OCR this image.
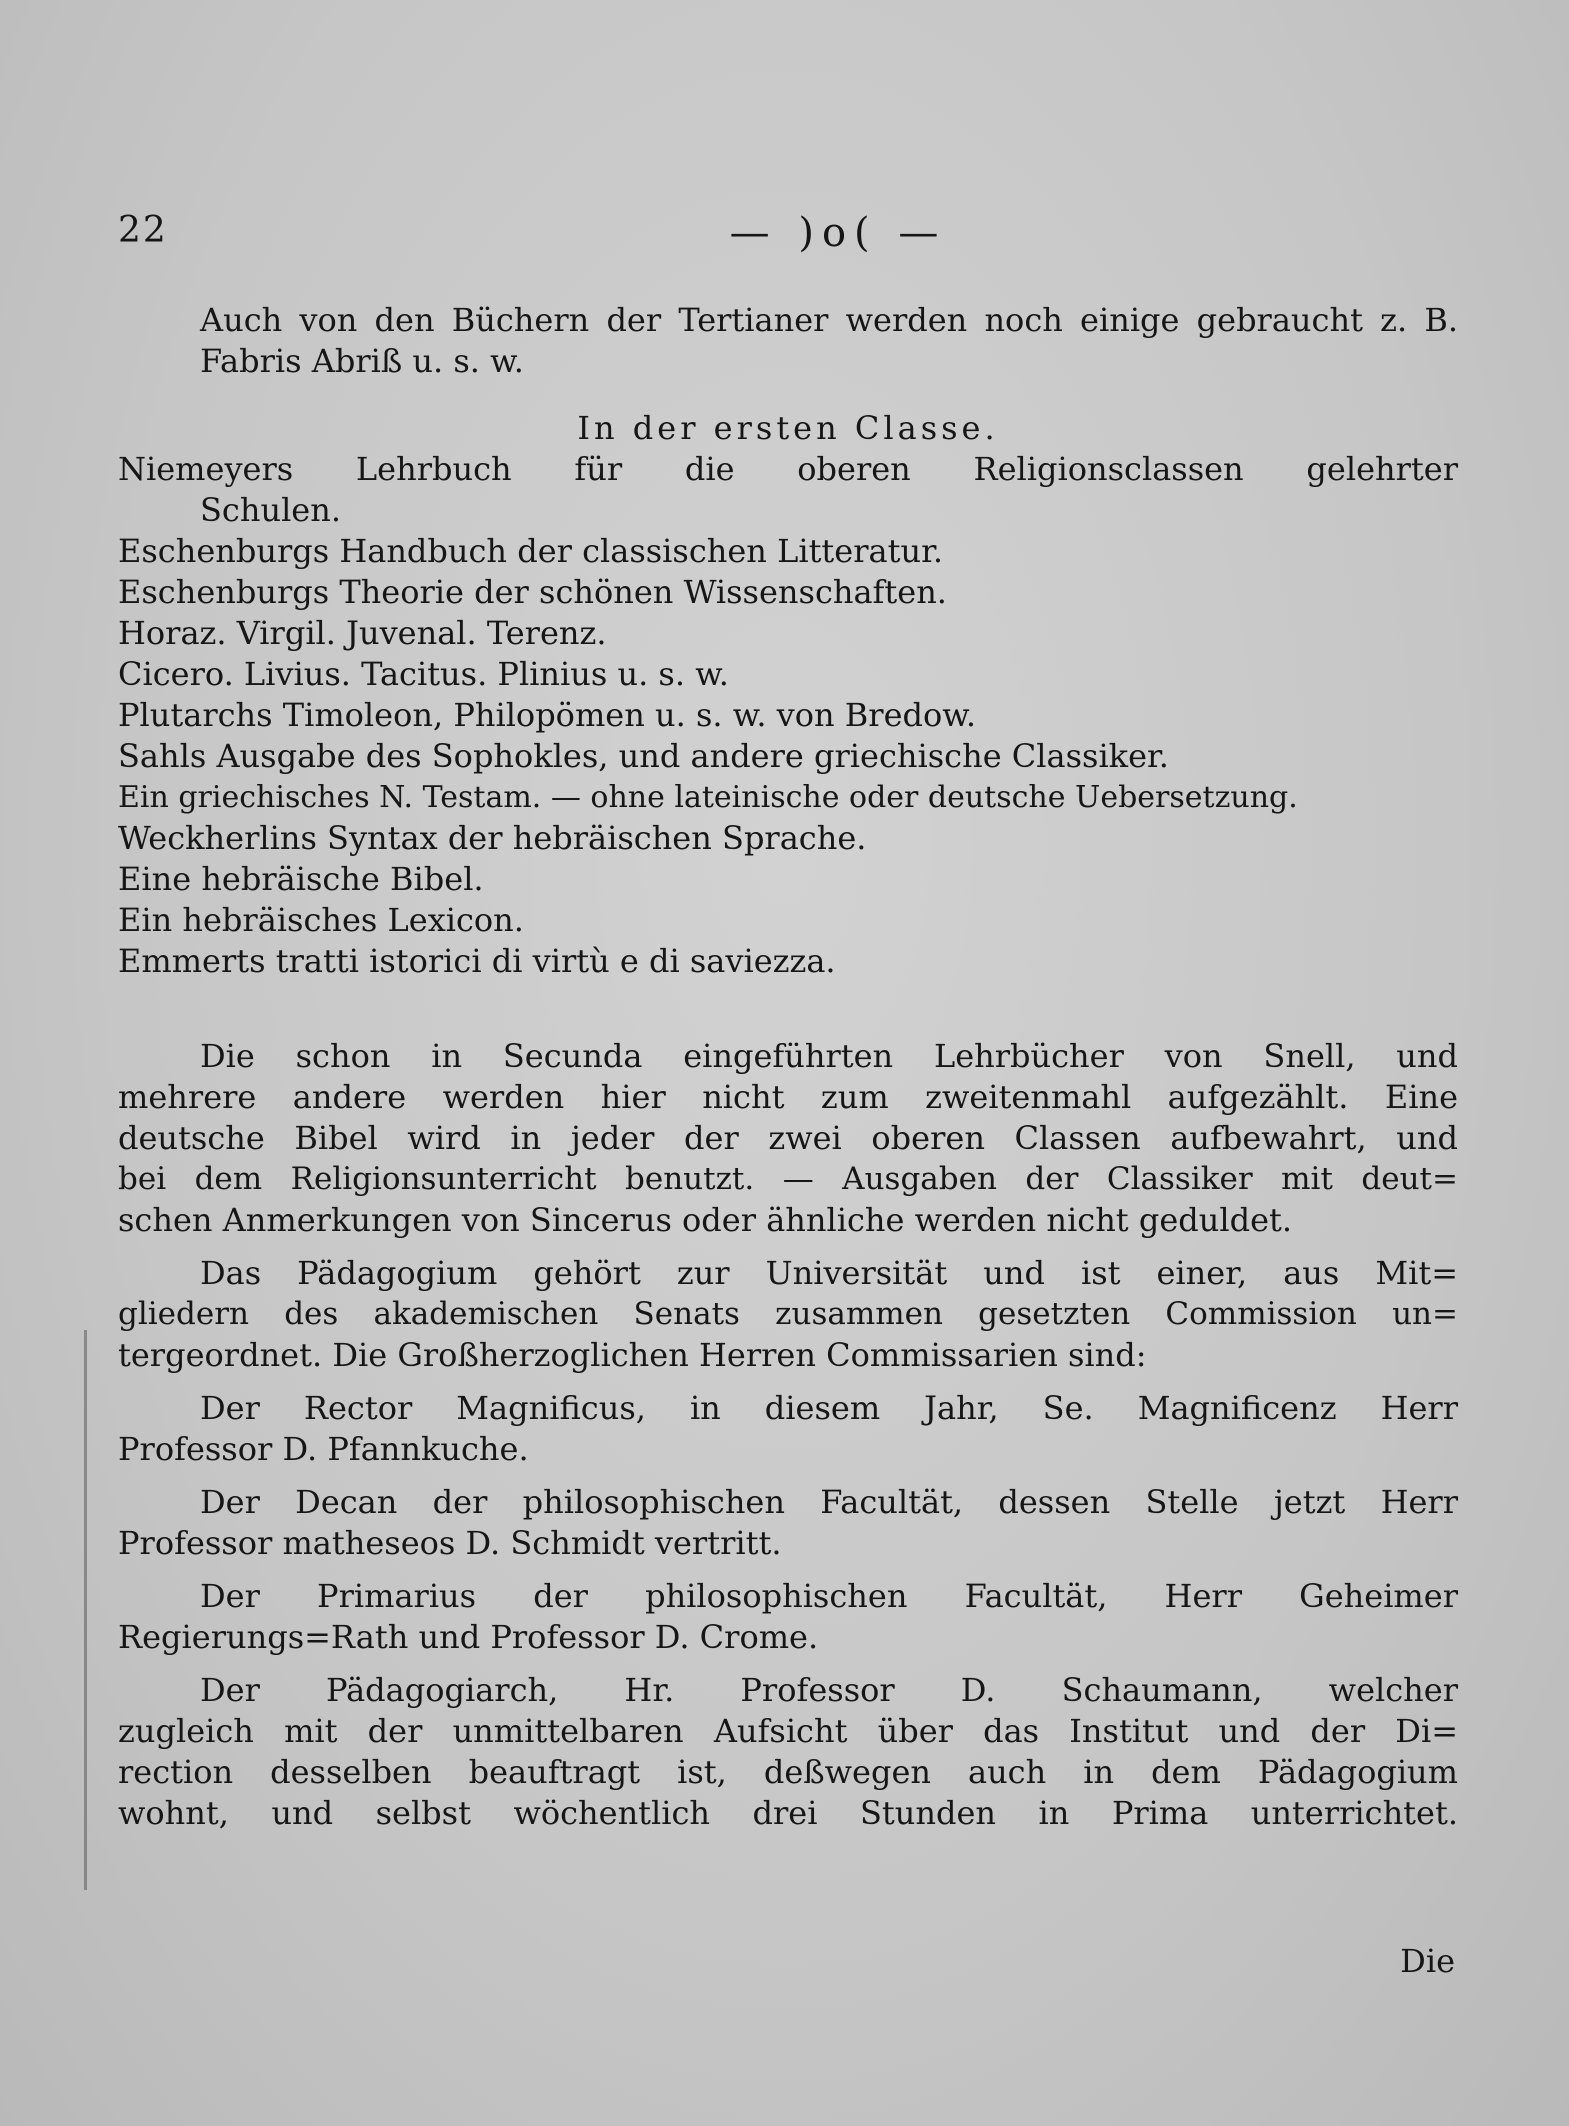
22	— )o( —
Auch von den Büchern der Tertianer werden noch einige gebraucht z. B.
Fabris Abriß u. s. w.
In der ersten Classe.
Niemeyers Lehrbuch für die oberen Religionsclassen gelehrter
Schulen.
Eschenburgs Handbuch der classischen Litteratur.
Eschenburgs Theorie der schönen Wissenschaften.
Horaz. Virgil. Juvenal. Terenz.
Cicero. Livius. Tacitus. Plinius u. s. w.
Plutarchs Timoleon, Philopömen u. s. w. von Bredow.
Sahls Ausgabe des Sophokles, und andere griechische Classiker.
Ein griechisches N. Testam. — ohne lateinische oder deutsche Uebersetzung.
Weckherlins Syntax der hebräischen Sprache.
Eine hebräische Bibel.
Ein hebräisches Lexicon.
Emmerts tratti istorici di virtù e di saviezza.
Die schon in Secunda eingeführten Lehrbücher von Snell, und
mehrere andere werden hier nicht zum zweitenmahl aufgezählt. Eine
deutsche Bibel wird in jeder der zwei oberen Classen aufbewahrt, und
bei dem Religionsunterricht benutzt. — Ausgaben der Classiker mit deut=
schen Anmerkungen von Sincerus oder ähnliche werden nicht geduldet.
Das Pädagogium gehört zur Universität und ist einer, aus Mit=
gliedern des akademischen Senats zusammen gesetzten Commission un=
tergeordnet. Die Großherzoglichen Herren Commissarien sind:
Der Rector Magnificus, in diesem Jahr, Se. Magnificenz Herr
Professor D. Pfannkuche.
Der Decan der philosophischen Facultät, dessen Stelle jetzt Herr
Professor matheseos D. Schmidt vertritt.
Der Primarius der philosophischen Facultät, Herr Geheimer
Regierungs=Rath und Professor D. Crome.
Der Pädagogiarch, Hr. Professor D. Schaumann, welcher
zugleich mit der unmittelbaren Aufsicht über das Institut und der Di=
rection desselben beauftragt ist, deßwegen auch in dem Pädagogium
wohnt, und selbst wöchentlich drei Stunden in Prima unterrichtet.
Die
